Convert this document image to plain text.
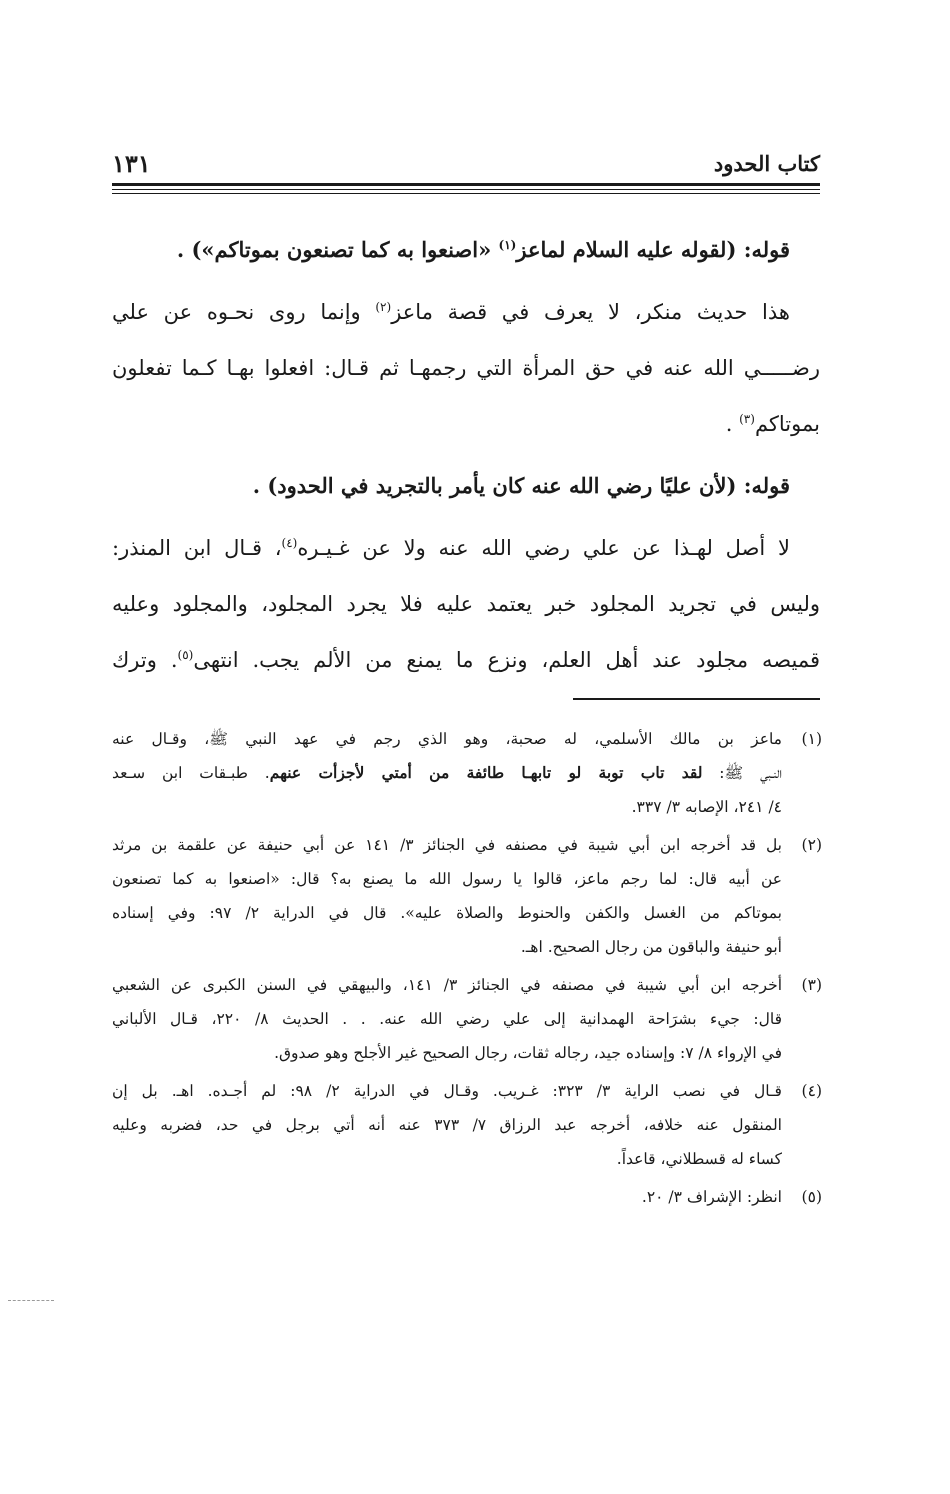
كتاب الحدود
١٣١
قوله: (لقوله عليه السلام لماعز$^{(١)}$ «اصنعوا به كما تصنعون بموتاكم») .
هذا حديث منكر، لا يعرف في قصة ماعز$^{(٢)}$ وإنما روى نحـوه عن علي
رضـــــي الله عنه في حق المرأة التي رجمهـا ثم قـال: افعلوا بهـا كـما تفعلون
بموتاكم$^{(٣)}$ .
قوله: (لأن عليًا رضي الله عنه كان يأمر بالتجريد في الحدود) .
لا أصل لهـذا عن علي رضي الله عنه ولا عن غـيـره$^{(٤)}$، قـال ابن المنذر:
وليس في تجريد المجلود خبر يعتمد عليه فلا يجرد المجلود، والمجلود وعليه
قميصه مجلود عند أهل العلم، ونزع ما يمنع من الألم يجب. انتهى$^{(٥)}$. وترك
(١)
ماعز بن مالك الأسلمي، له صحبة، وهو الذي رجم في عهد النبي ﷺ، وقـال عنه
النـبي ﷺ: لقد تاب توبة لو تابهـا طائفة من أمتي لأجزأت عنهم. طبـقات ابن سـعد
٤/ ٢٤١، الإصابه ٣/ ٣٣٧.
(٢)
بل قد أخرجه ابن أبي شيبة في مصنفه في الجنائز ٣/ ١٤١ عن أبي حنيفة عن علقمة بن مرثد
عن أبيه قال: لما رجم ماعز، قالوا يا رسول الله ما يصنع به؟ قال: «اصنعوا به كما تصنعون
بموتاكم من الغسل والكفن والحنوط والصلاة عليه». قال في الدراية ٢/ ٩٧: وفي إسناده
أبو حنيفة والباقون من رجال الصحيح. اهـ.
(٣)
أخرجه ابن أبي شيبة في مصنفه في الجنائز ٣/ ١٤١، والبيهقي في السنن الكبرى عن الشعبي
قال: جيء بشرَاحة الهمدانية إلى علي رضي الله عنه. . . الحديث ٨/ ٢٢٠، قـال الألباني
في الإرواء ٨/ ٧: وإسناده جيد، رجاله ثقات، رجال الصحيح غير الأجلح وهو صدوق.
(٤)
قـال في نصب الراية ٣/ ٣٢٣: غـريب. وقـال في الدراية ٢/ ٩٨: لم أجـده. اهـ. بل إن
المنقول عنه خلافه، أخرجه عبد الرزاق ٧/ ٣٧٣ عنه أنه أتي برجل في حد، فضربه وعليه
كساء له قسطلاني، قاعداً.
(٥)
انظر: الإشراف ٣/ ٢٠.
